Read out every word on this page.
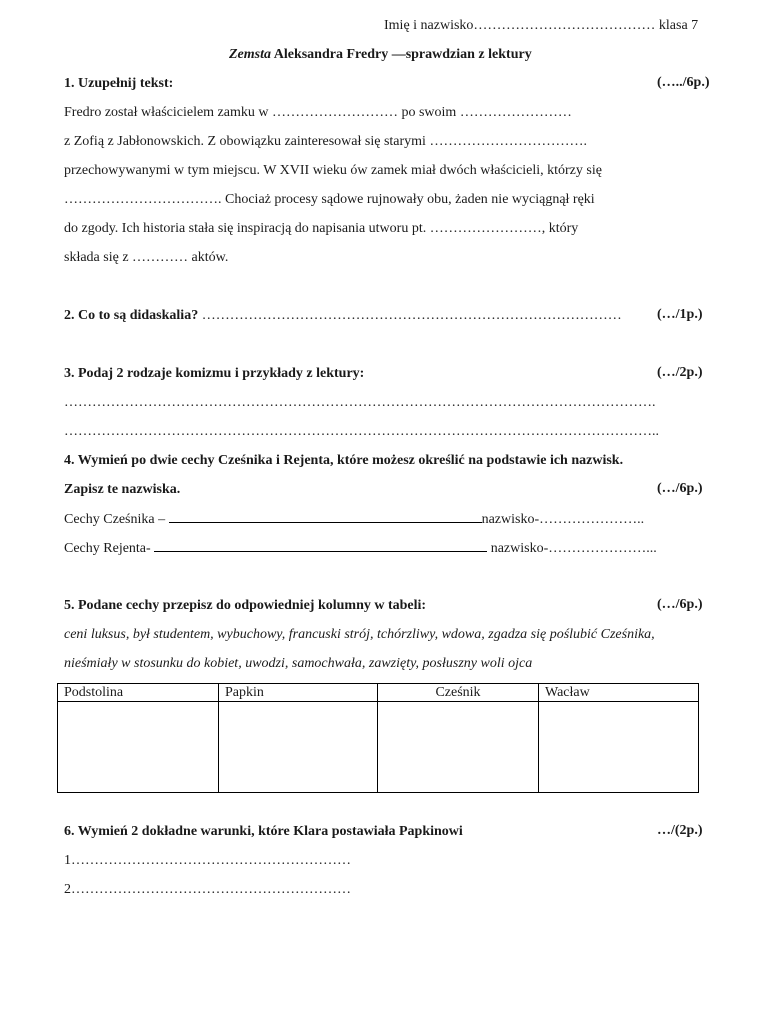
Imię i nazwisko………………………………… klasa 7
Zemsta Aleksandra Fredry —sprawdzian z lektury
1. Uzupełnij tekst:	(…../6p.)
Fredro został właścicielem zamku w ……………………… po swoim ……………………
z Zofią z Jabłonowskich. Z obowiązku zainteresował się starymi …………………………….
przechowywanymi w tym miejscu. W XVII wieku ów zamek miał dwóch właścicieli, którzy się
……………………………. Chociaż procesy sądowe rujnowały obu, żaden nie wyciągnął ręki
do zgody. Ich historia stała się inspiracją do napisania utworu pt. ……………………, który
składa się z ………… aktów.
2. Co to są didaskalia? ………………………………………………………………………………	(…/1p.)
3. Podaj 2 rodzaje komizmu i przykłady z lektury:	(…/2p.)
……………………………………………………………………………………………………………….
………………………………………………………………………………………………………………..
4. Wymień po dwie cechy Cześnika i Rejenta, które możesz określić na podstawie ich nazwisk.
Zapisz te nazwiska.	(…/6p.)
Cechy Cześnika –	nazwisko-…………………..
Cechy Rejenta-	nazwisko-…………………...
5. Podane cechy przepisz do odpowiedniej kolumny w tabeli:	(…/6p.)
ceni luksus, był studentem, wybuchowy, francuski strój, tchórzliwy, wdowa, zgadza się poślubić Cześnika,
nieśmiały w stosunku do kobiet, uwodzi, samochwała, zawzięty, posłuszny woli ojca
Podstolina	Papkin	Cześnik	Wacław
6. Wymień 2 dokładne warunki, które Klara postawiała Papkinowi	…/(2p.)
1……………………………………………………
2……………………………………………………
